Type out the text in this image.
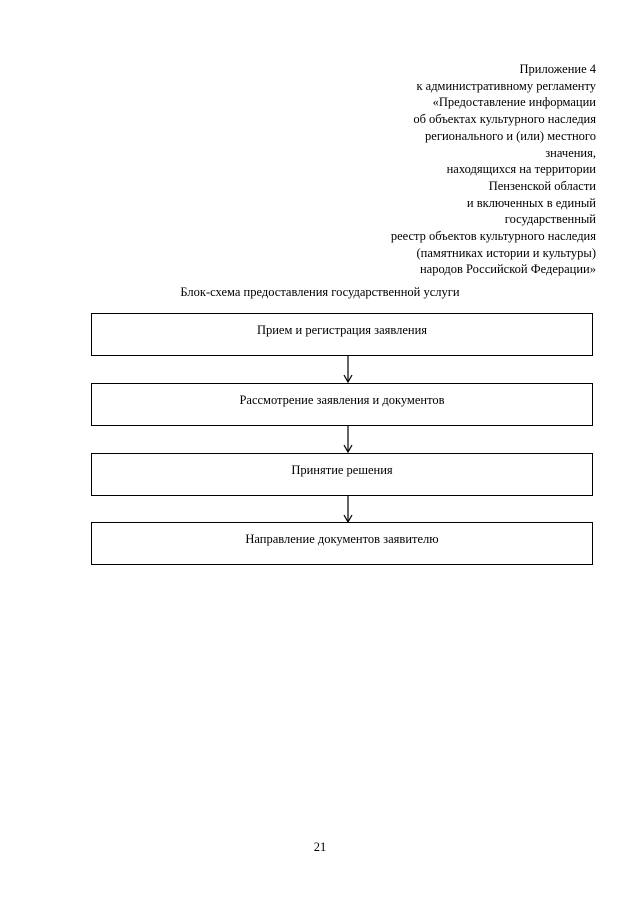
Приложение 4
к административному регламенту
«Предоставление информации
об объектах культурного наследия
регионального и (или) местного
значения,
находящихся на территории
Пензенской области
и включенных в единый
государственный
реестр объектов культурного наследия
(памятниках истории и культуры)
народов Российской Федерации»
Блок-схема предоставления государственной услуги
Прием и регистрация заявления
Рассмотрение заявления и документов
Принятие решения
Направление документов заявителю
21
